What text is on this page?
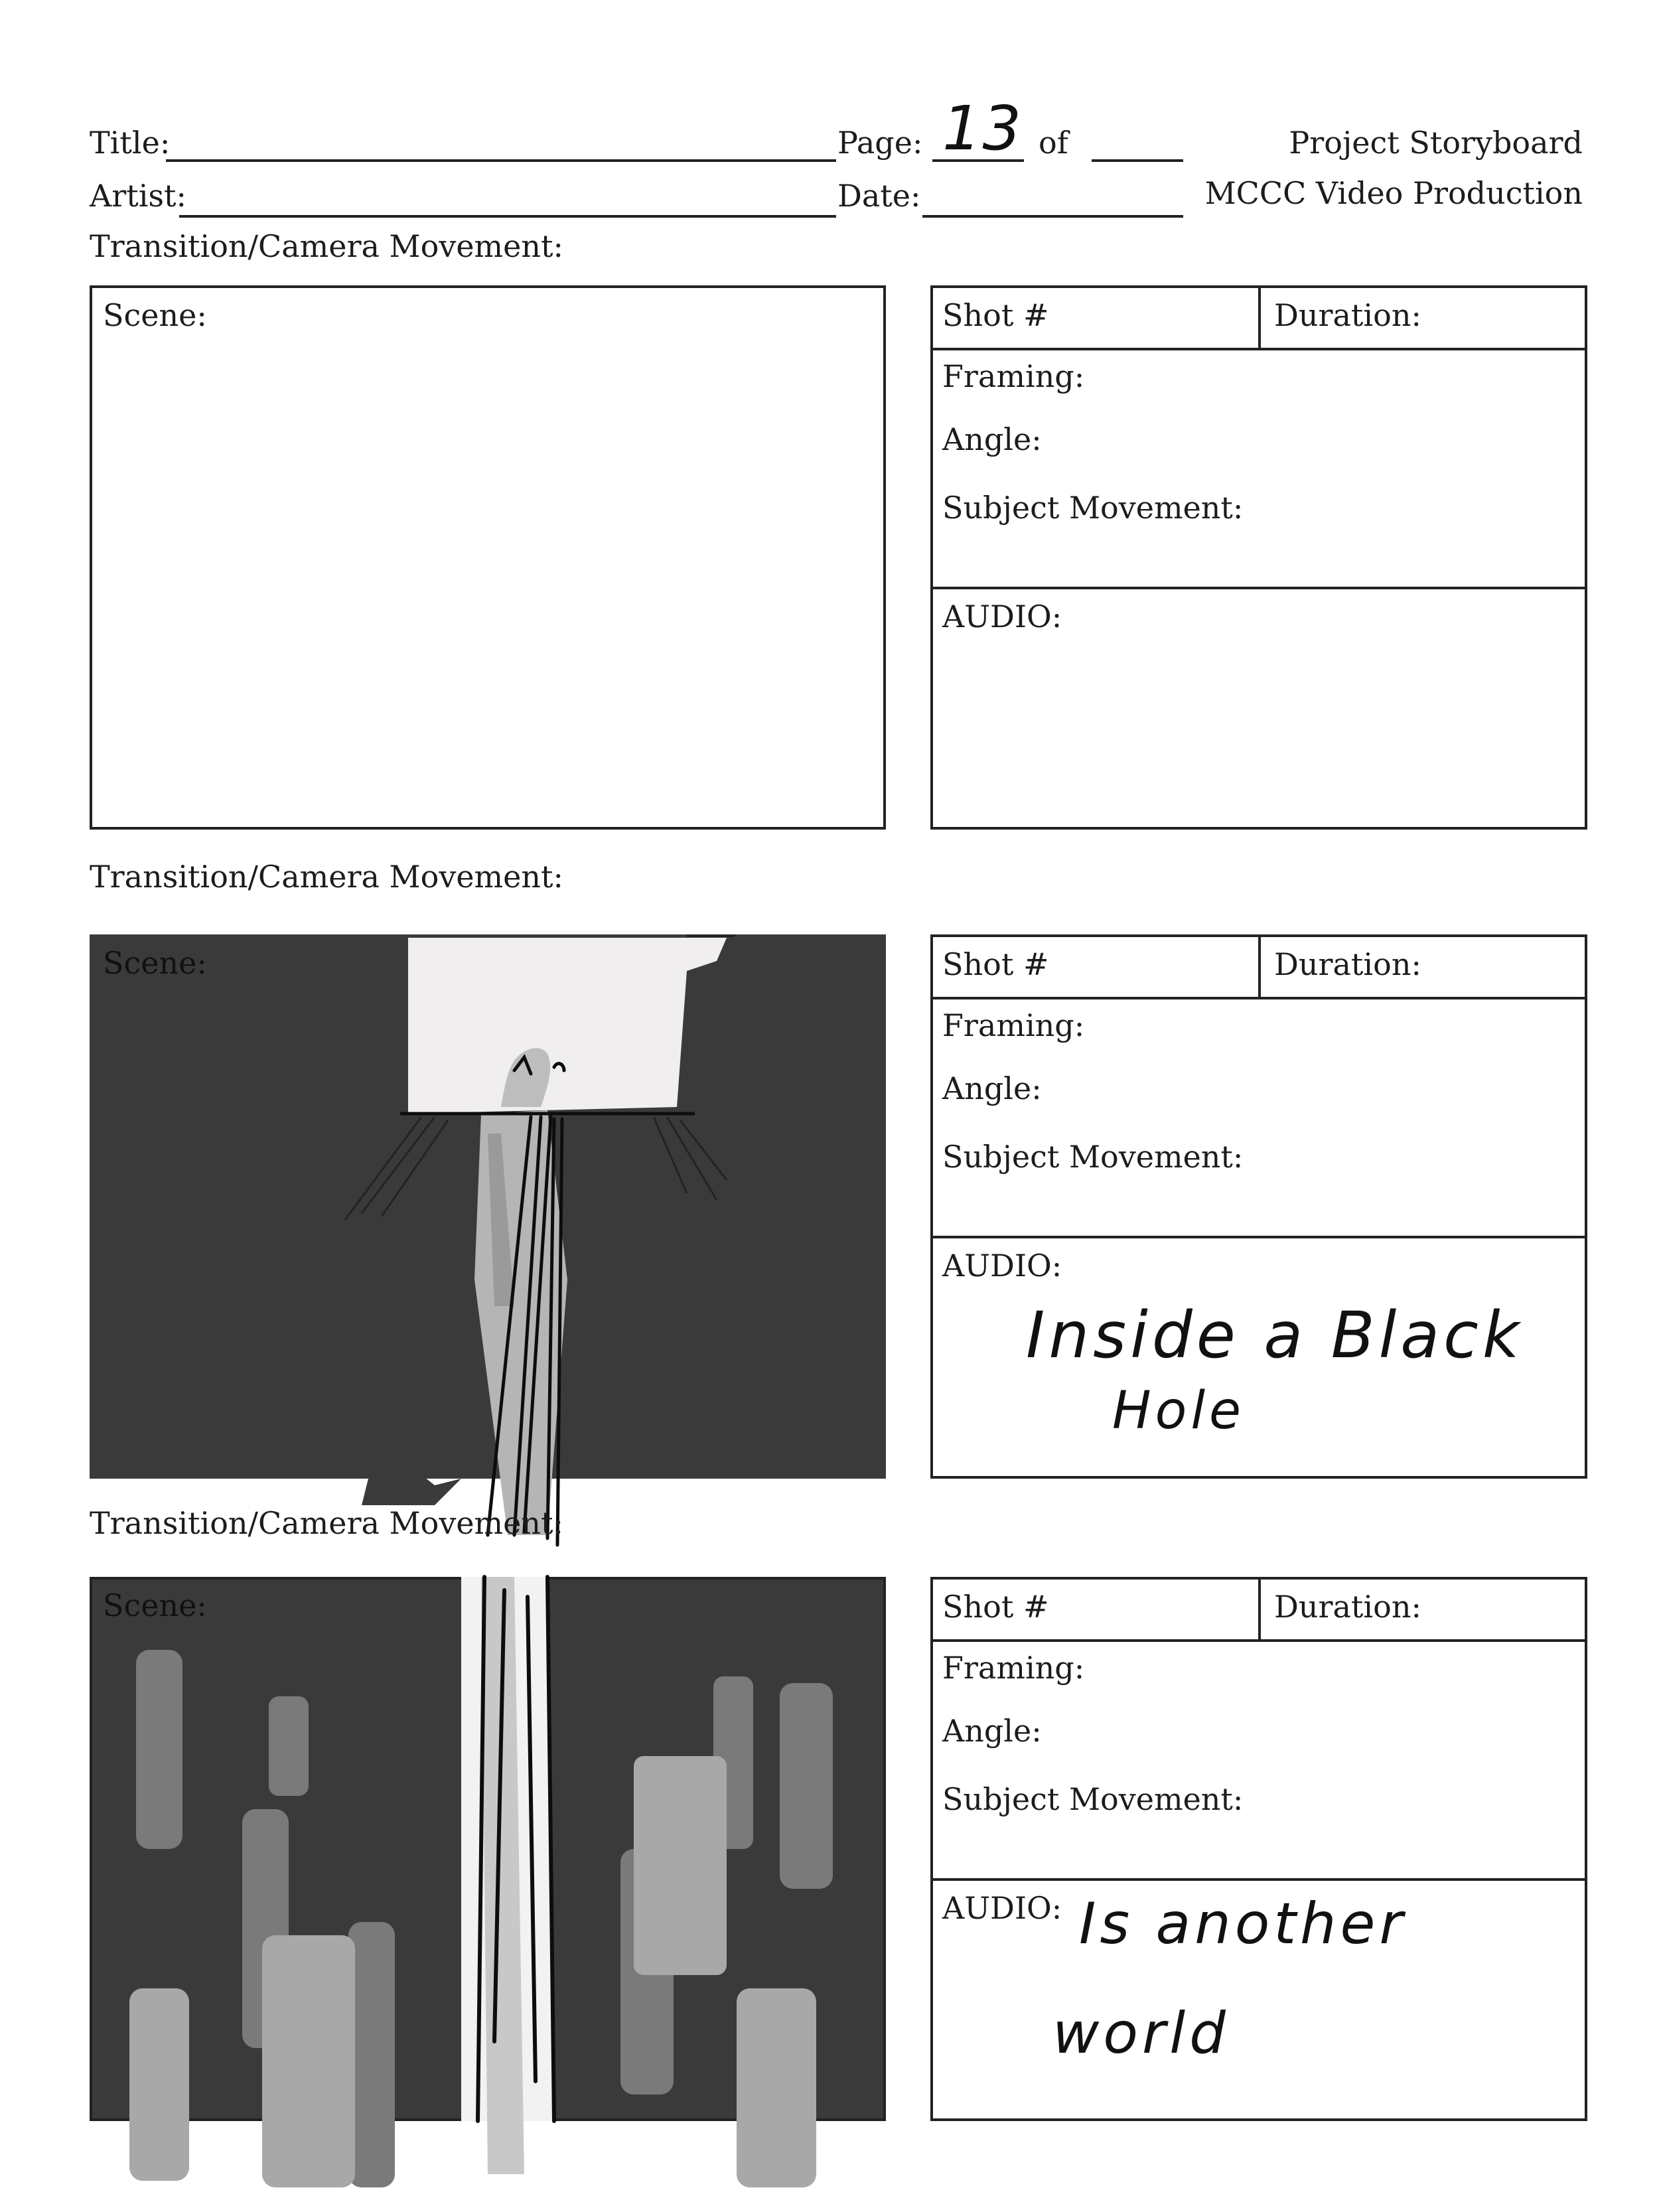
Title:
Artist:
Page: 13 of
Date:
Project Storyboard
MCCC Video Production
Transition/Camera Movement:
Scene:	Shot #	Duration:
Framing:
Angle:
Subject Movement:
AUDIO:
Transition/Camera Movement:
Scene:	Shot #	Duration:
Framing:
Angle:
Subject Movement:
AUDIO:
Inside a Black
Hole
Transition/Camera Movement:
Scene:	Shot #	Duration:
Framing:
Angle:
Subject Movement:
AUDIO: Is another
world
